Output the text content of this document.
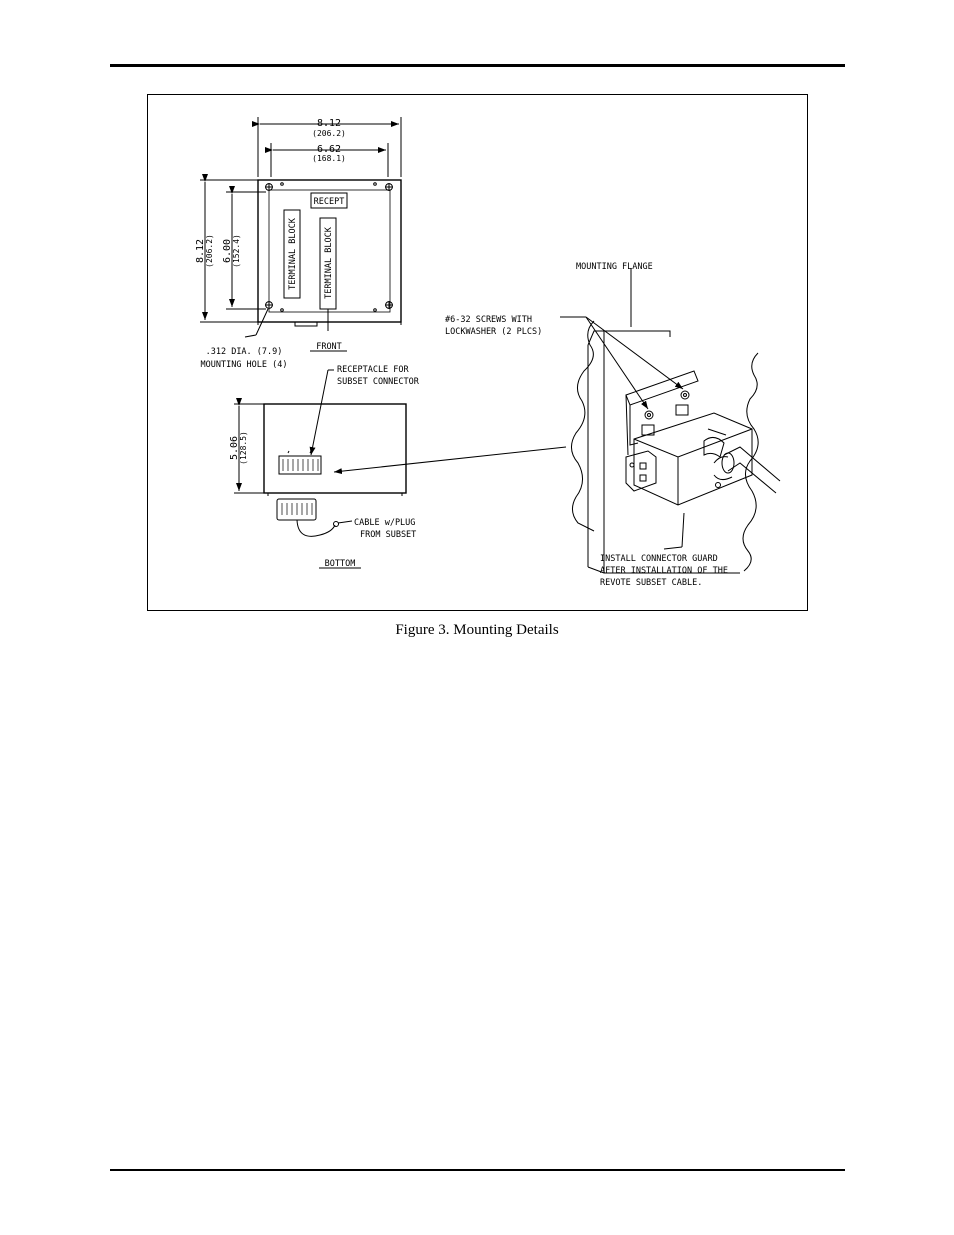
8.12
(206.2)
6.62
(168.1)
8.12 (206.2) 6.00 (152.4)
RECEPT
TERMINAL BLOCK	TERMINAL BLOCK
.312 DIA. (7.9)
MOUNTING HOLE (4)
FRONT
RECEPTACLE FOR
SUBSET CONNECTOR
5.06 (128.5)
CABLE w/PLUG
FROM SUBSET
BOTTOM
MOUNTING FLANGE
#6-32 SCREWS WITH
LOCKWASHER (2 PLCS)
INSTALL CONNECTOR GUARD
AFTER INSTALLATION OF THE
REVOTE SUBSET CABLE.
Figure 3. Mounting Details
